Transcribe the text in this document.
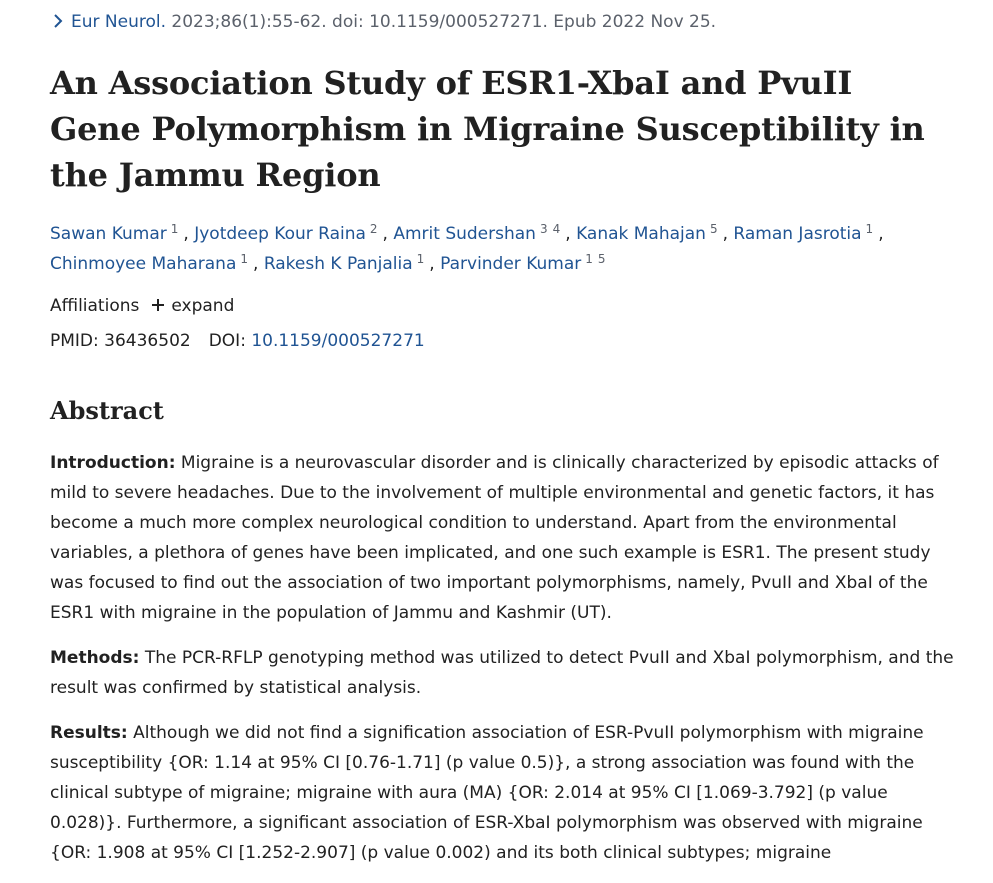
Eur Neurol. 2023;86(1):55-62. doi: 10.1159/000527271. Epub 2022 Nov 25.
An Association Study of ESR1-XbaI and PvuII Gene Polymorphism in Migraine Susceptibility in the Jammu Region
Sawan Kumar $^1$ , Jyotdeep Kour Raina $^2$ , Amrit Sudershan $^{3 4}$ , Kanak Mahajan $^5$ , Raman Jasrotia $^1$ , Chinmoyee Maharana $^1$ , Rakesh K Panjalia $^1$ , Parvinder Kumar $^{1 5}$
Affiliations expand
PMID: 36436502 DOI: 10.1159/000527271
Abstract

Introduction: Migraine is a neurovascular disorder and is clinically characterized by episodic attacks of mild to severe headaches. Due to the involvement of multiple environmental and genetic factors, it has become a much more complex neurological condition to understand. Apart from the environmental variables, a plethora of genes have been implicated, and one such example is ESR1. The present study was focused to find out the association of two important polymorphisms, namely, PvuII and XbaI of the ESR1 with migraine in the population of Jammu and Kashmir (UT).

Methods: The PCR-RFLP genotyping method was utilized to detect PvuII and XbaI polymorphism, and the result was confirmed by statistical analysis.

Results: Although we did not find a signification association of ESR-PvuII polymorphism with migraine susceptibility {OR: 1.14 at 95% CI [0.76-1.71] (p value 0.5)}, a strong association was found with the clinical subtype of migraine; migraine with aura (MA) {OR: 2.014 at 95% CI [1.069-3.792] (p value 0.028)}. Furthermore, a significant association of ESR-XbaI polymorphism was observed with migraine {OR: 1.908 at 95% CI [1.252-2.907] (p value 0.002) and its both clinical subtypes; migraine
